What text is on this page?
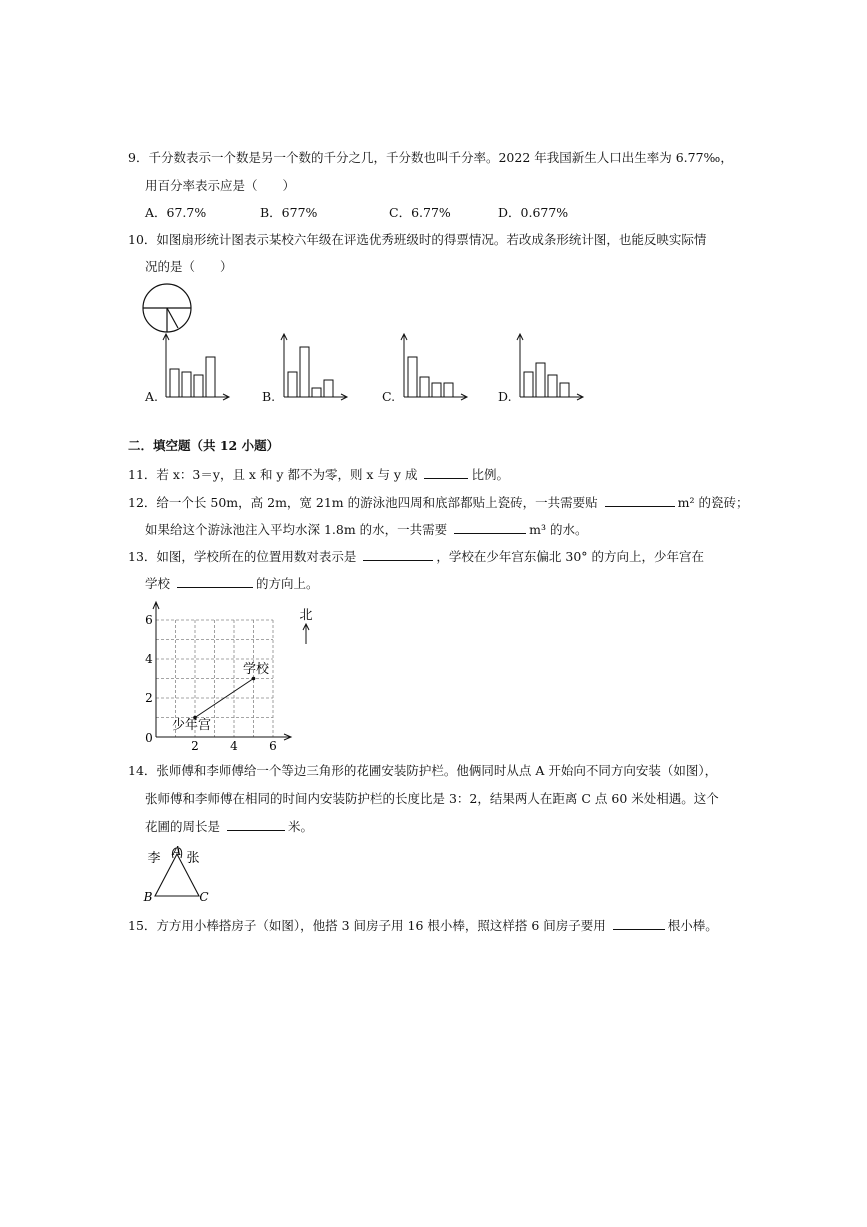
9．千分数表示一个数是另一个数的千分之几，千分数也叫千分率。2022 年我国新生人口出生率为 6.77‰，
用百分率表示应是（　　）
A．67.7%	B．677%	C．6.77%	D．0.677%
10．如图扇形统计图表示某校六年级在评选优秀班级时的得票情况。若改成条形统计图，也能反映实际情
况的是（　　）
A.	B.	C.	D.
二．填空题（共 12 小题）
11．若 x：3＝y，且 x 和 y 都不为零，则 x 与 y 成	比例。
12．给一个长 50m，高 2m，宽 21m 的游泳池四周和底部都贴上瓷砖，一共需要贴	m² 的瓷砖；
如果给这个游泳池注入平均水深 1.8m 的水，一共需要	m³ 的水。
13．如图，学校所在的位置用数对表示是	，学校在少年宫东偏北 30° 的方向上，少年宫在
学校	的方向上。
6
4
2
0
2	4	6
学校
少年宫
北
14．张师傅和李师傅给一个等边三角形的花圃安装防护栏。他俩同时从点 A 开始向不同方向安装（如图），
张师傅和李师傅在相同的时间内安装防护栏的长度比是 3：2，结果两人在距离 C 点 60 米处相遇。这个
花圃的周长是	米。
A
李 张
B	C
15．方方用小棒搭房子（如图），他搭 3 间房子用 16 根小棒，照这样搭 6 间房子要用	根小棒。
